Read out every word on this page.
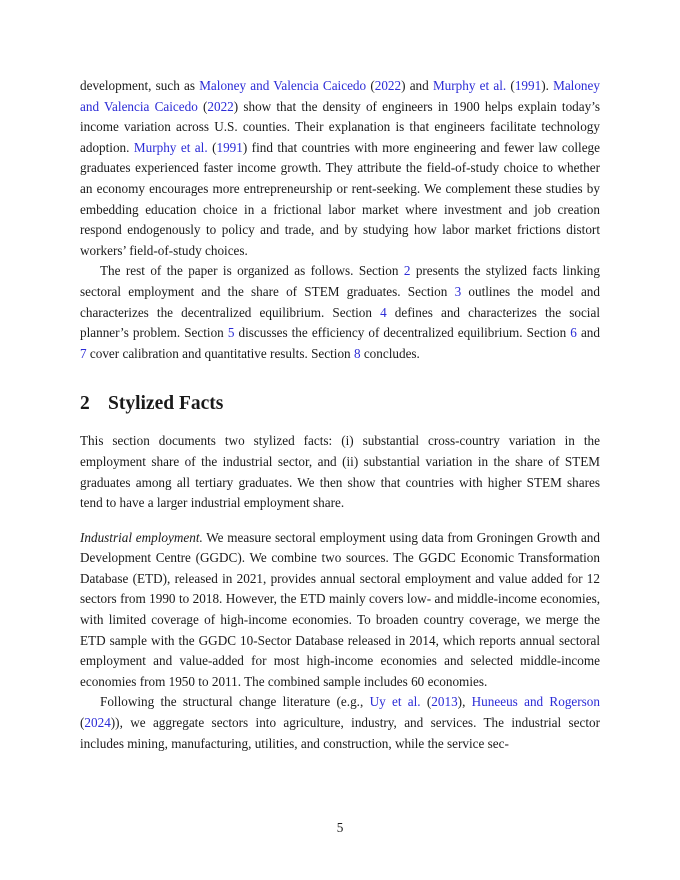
development, such as Maloney and Valencia Caicedo (2022) and Murphy et al. (1991). Maloney and Valencia Caicedo (2022) show that the density of engineers in 1900 helps explain today’s income variation across U.S. counties. Their explanation is that engineers facilitate technology adoption. Murphy et al. (1991) find that countries with more engineering and fewer law college graduates experienced faster income growth. They attribute the field-of-study choice to whether an economy encourages more entrepreneurship or rent-seeking. We complement these studies by embedding education choice in a frictional labor market where investment and job creation respond endogenously to policy and trade, and by studying how labor market frictions distort workers’ field-of-study choices.

The rest of the paper is organized as follows. Section 2 presents the stylized facts linking sectoral employment and the share of STEM graduates. Section 3 outlines the model and characterizes the decentralized equilibrium. Section 4 defines and characterizes the social planner’s problem. Section 5 discusses the efficiency of decentralized equilibrium. Section 6 and 7 cover calibration and quantitative results. Section 8 concludes.

2 Stylized Facts

This section documents two stylized facts: (i) substantial cross-country variation in the employment share of the industrial sector, and (ii) substantial variation in the share of STEM graduates among all tertiary graduates. We then show that countries with higher STEM shares tend to have a larger industrial employment share.

Industrial employment. We measure sectoral employment using data from Groningen Growth and Development Centre (GGDC). We combine two sources. The GGDC Economic Transformation Database (ETD), released in 2021, provides annual sectoral employment and value added for 12 sectors from 1990 to 2018. However, the ETD mainly covers low- and middle-income economies, with limited coverage of high-income economies. To broaden country coverage, we merge the ETD sample with the GGDC 10-Sector Database released in 2014, which reports annual sectoral employment and value-added for most high-income economies and selected middle-income economies from 1950 to 2011. The combined sample includes 60 economies.

Following the structural change literature (e.g., Uy et al. (2013), Huneeus and Rogerson (2024)), we aggregate sectors into agriculture, industry, and services. The industrial sector includes mining, manufacturing, utilities, and construction, while the service sec-

5
